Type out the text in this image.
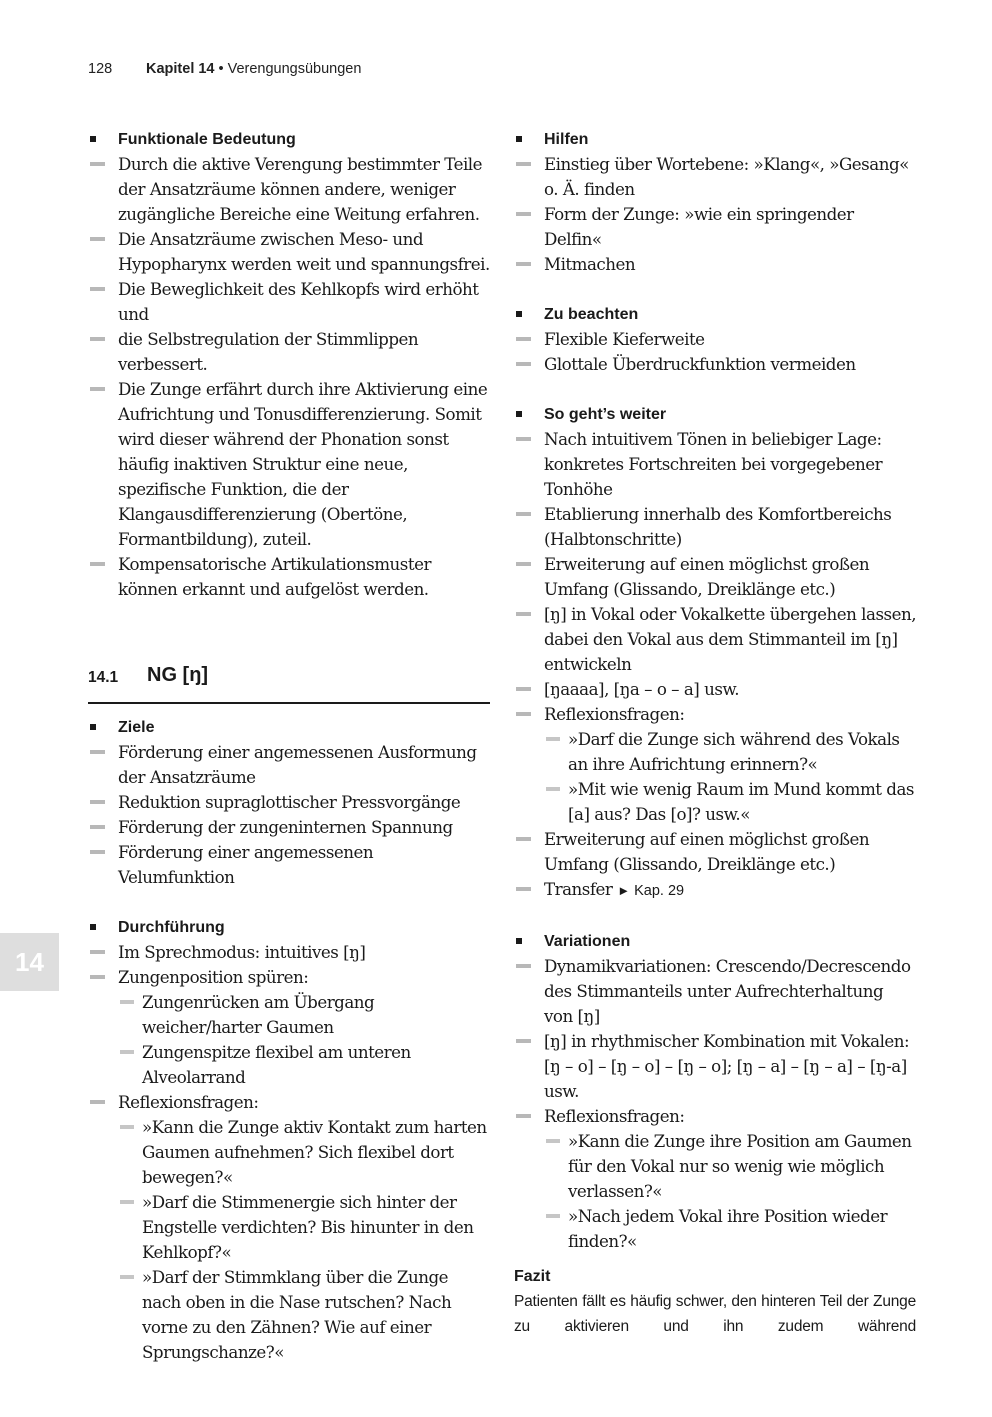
128	Kapitel 14 • Verengungsübungen
14
Funktionale Bedeutung
Durch die aktive Verengung bestimmter Teile der Ansatzräume können andere, weniger zugängliche Bereiche eine Weitung erfahren.
Die Ansatzräume zwischen Meso- und Hypopharynx werden weit und spannungsfrei.
Die Beweglichkeit des Kehlkopfs wird erhöht und
die Selbstregulation der Stimmlippen verbessert.
Die Zunge erfährt durch ihre Aktivierung eine Aufrichtung und Tonusdifferenzierung. Somit wird dieser während der Phonation sonst häufig inaktiven Struktur eine neue, spezifische Funktion, die der Klangausdifferenzierung (Obertöne, Formantbildung), zuteil.
Kompensatorische Artikulationsmuster können erkannt und aufgelöst werden.
14.1 NG [ŋ]
Ziele
Förderung einer angemessenen Ausformung der Ansatzräume
Reduktion supraglottischer Pressvorgänge
Förderung der zungeninternen Spannung
Förderung einer angemessenen Velumfunktion
Durchführung
Im Sprechmodus: intuitives [ŋ]
Zungenposition spüren:
Zungenrücken am Übergang weicher/harter Gaumen
Zungenspitze flexibel am unteren Alveolarrand
Reflexionsfragen:
»Kann die Zunge aktiv Kontakt zum harten Gaumen aufnehmen? Sich flexibel dort bewegen?«
»Darf die Stimmenergie sich hinter der Engstelle verdichten? Bis hinunter in den Kehlkopf?«
»Darf der Stimmklang über die Zunge nach oben in die Nase rutschen? Nach vorne zu den Zähnen? Wie auf einer Sprungschanze?«
Hilfen
Einstieg über Wortebene: »Klang«, »Gesang« o. Ä. finden
Form der Zunge: »wie ein springender Delfin«
Mitmachen
Zu beachten
Flexible Kieferweite
Glottale Überdruckfunktion vermeiden
So geht’s weiter
Nach intuitivem Tönen in beliebiger Lage: konkretes Fortschreiten bei vorgegebener Tonhöhe
Etablierung innerhalb des Komfortbereichs (Halbtonschritte)
Erweiterung auf einen möglichst großen Umfang (Glissando, Dreiklänge etc.)
[ŋ] in Vokal oder Vokalkette übergehen lassen, dabei den Vokal aus dem Stimmanteil im [ŋ] entwickeln
[ŋaaaa], [ŋa – o – a] usw.
Reflexionsfragen:
»Darf die Zunge sich während des Vokals an ihre Aufrichtung erinnern?«
»Mit wie wenig Raum im Mund kommt das [a] aus? Das [o]? usw.«
Erweiterung auf einen möglichst großen Umfang (Glissando, Dreiklänge etc.)
Transfer ► Kap. 29
Variationen
Dynamikvariationen: Crescendo/Decrescendo des Stimmanteils unter Aufrechterhaltung von [ŋ]
[ŋ] in rhythmischer Kombination mit Vokalen: [ŋ – o] – [ŋ – o] – [ŋ – o]; [ŋ – a] – [ŋ – a] – [ŋ-a] usw.
Reflexionsfragen:
»Kann die Zunge ihre Position am Gaumen für den Vokal nur so wenig wie möglich verlassen?«
»Nach jedem Vokal ihre Position wieder finden?«
Fazit
Patienten fällt es häufig schwer, den hinteren Teil der Zunge zu aktivieren und ihn zudem während
